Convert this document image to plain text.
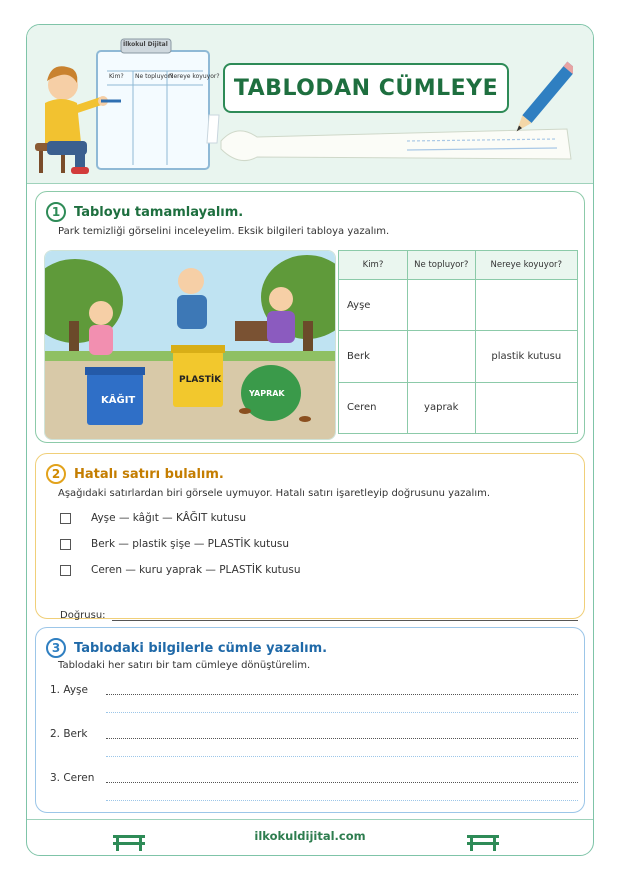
İlkokul Dijital
Kim? Ne topluyor?
Nereye koyuyor? TABLODAN CÜMLEYE
1	Tabloyu tamamlayalım.
Park temizliği görselini inceleyelim. Eksik bilgileri tabloya yazalım.
KÂĞIT
PLASTİK
YAPRAK
Kim?	Ne topluyor?	Nereye koyuyor?
Ayşe		
Berk		plastik kutusu
Ceren	yaprak	
2	Hatalı satırı bulalım.
Aşağıdaki satırlardan biri görsele uymuyor. Hatalı satırı işaretleyip doğrusunu yazalım.
Ayşe — kâğıt — KÂĞIT kutusu
Berk — plastik şişe — PLASTİK kutusu
Ceren — kuru yaprak — PLASTİK kutusu
Doğrusu:
3	Tablodaki bilgilerle cümle yazalım.
Tablodaki her satırı bir tam cümleye dönüştürelim.
1. Ayşe
2. Berk
3. Ceren
ilkokuldijital.com
